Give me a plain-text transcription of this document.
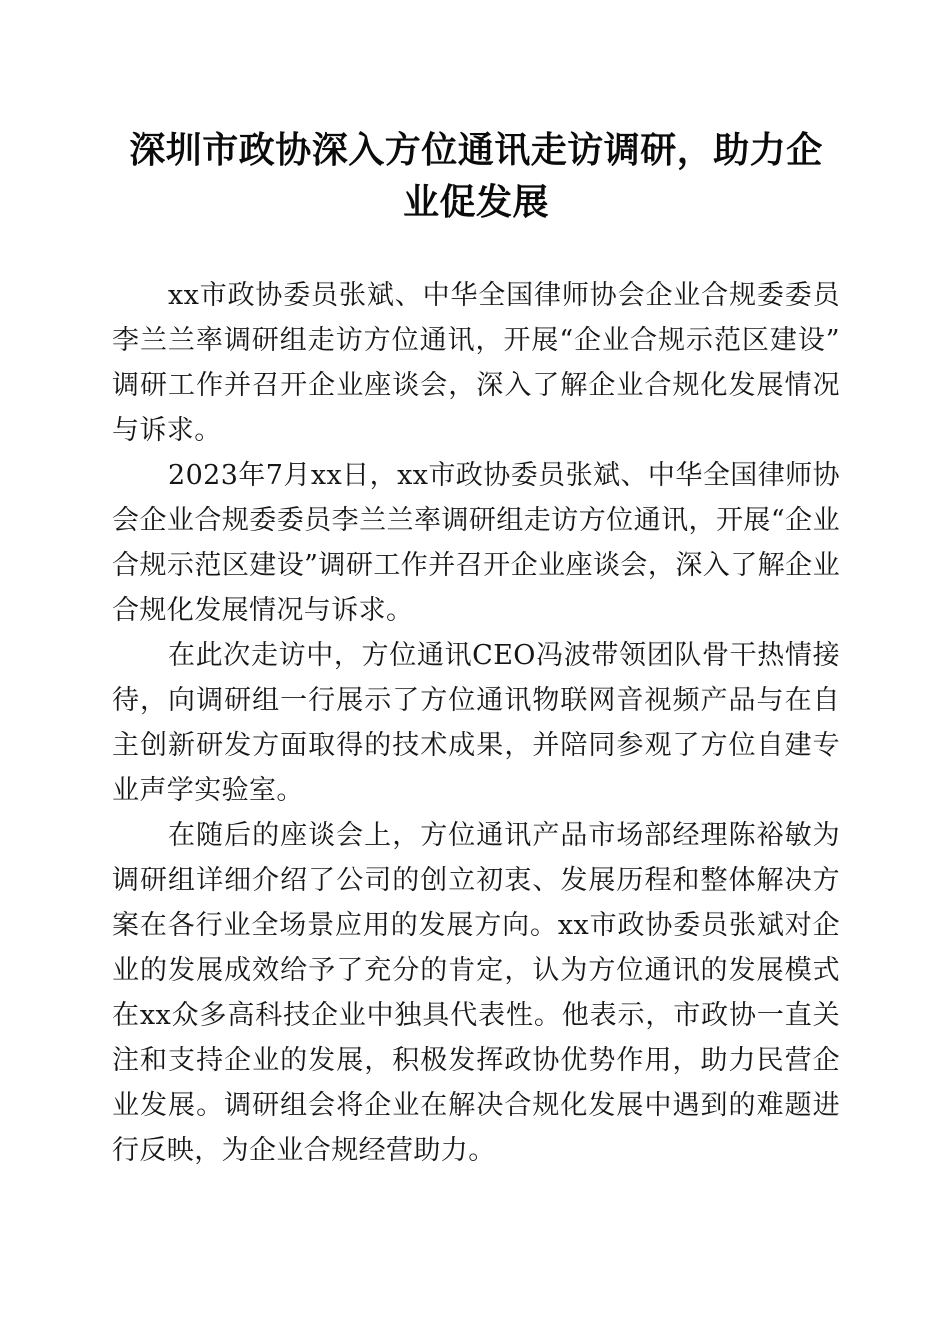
深圳市政协深入方位通讯走访调研，助力企业促发展

xx市政协委员张斌、中华全国律师协会企业合规委委员李兰兰率调研组走访方位通讯，开展“企业合规示范区建设”调研工作并召开企业座谈会，深入了解企业合规化发展情况与诉求。

2023年7月xx日，xx市政协委员张斌、中华全国律师协会企业合规委委员李兰兰率调研组走访方位通讯，开展“企业合规示范区建设”调研工作并召开企业座谈会，深入了解企业合规化发展情况与诉求。

在此次走访中，方位通讯CEO冯波带领团队骨干热情接待，向调研组一行展示了方位通讯物联网音视频产品与在自主创新研发方面取得的技术成果，并陪同参观了方位自建专业声学实验室。

在随后的座谈会上，方位通讯产品市场部经理陈裕敏为调研组详细介绍了公司的创立初衷、发展历程和整体解决方案在各行业全场景应用的发展方向。xx市政协委员张斌对企业的发展成效给予了充分的肯定，认为方位通讯的发展模式在xx众多高科技企业中独具代表性。他表示，市政协一直关注和支持企业的发展，积极发挥政协优势作用，助力民营企业发展。调研组会将企业在解决合规化发展中遇到的难题进行反映，为企业合规经营助力。
